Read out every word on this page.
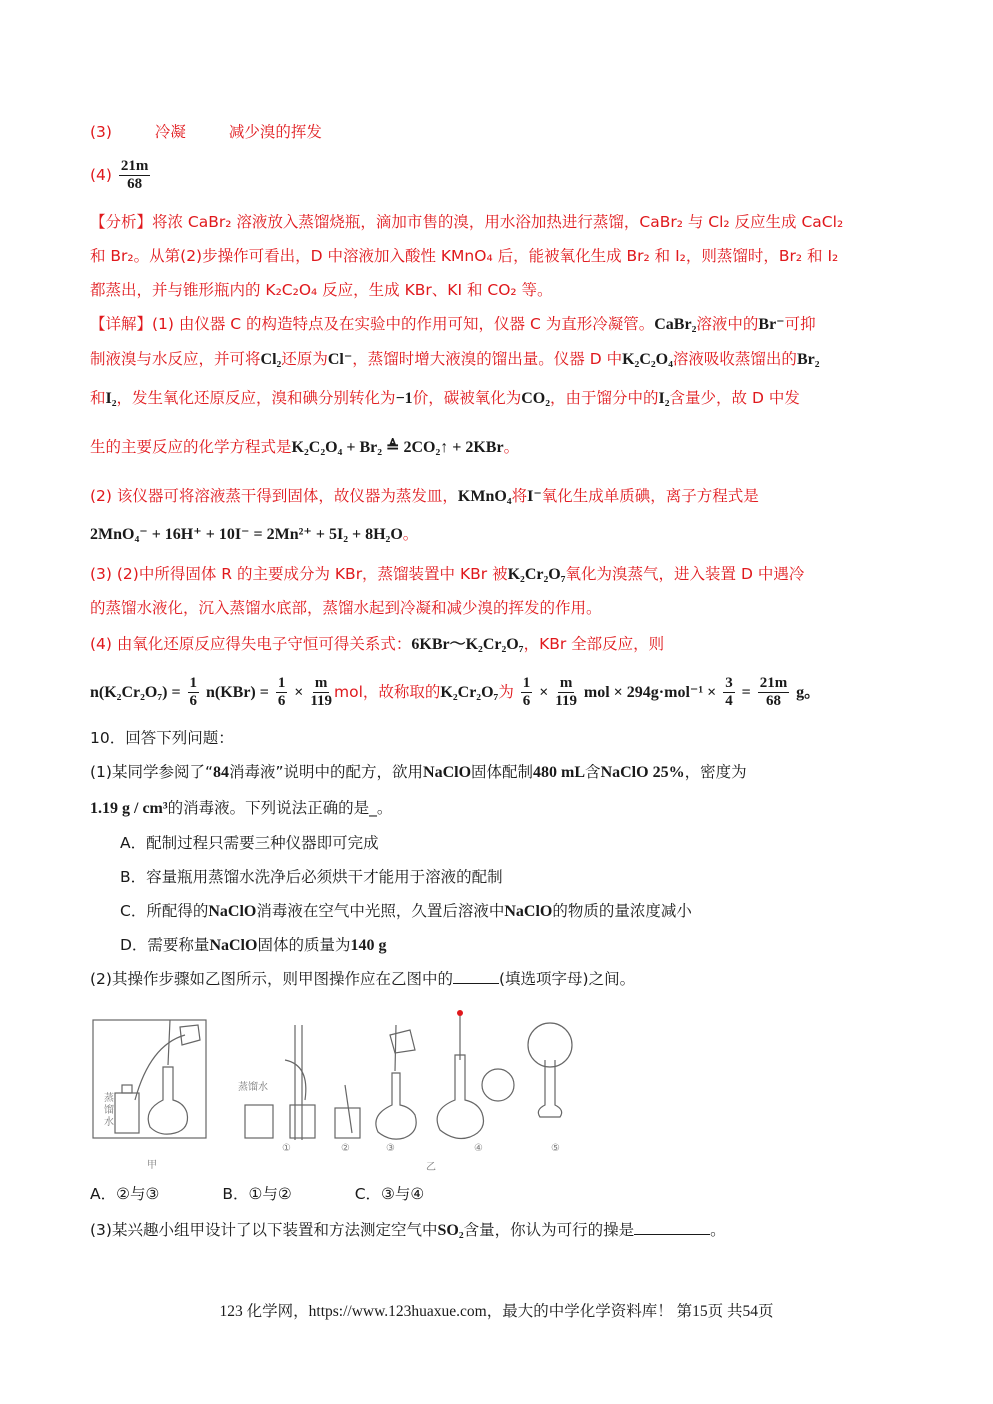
(3)	冷凝	减少溴的挥发
$(4) \frac{21m}{68}$
【分析】将浓 CaBr₂ 溶液放入蒸馏烧瓶，滴加市售的溴，用水浴加热进行蒸馏，CaBr₂ 与 Cl₂ 反应生成 CaCl₂
和 Br₂。从第(2)步操作可看出，D 中溶液加入酸性 KMnO₄ 后，能被氧化生成 Br₂ 和 I₂，则蒸馏时，Br₂ 和 I₂
都蒸出，并与锥形瓶内的 K₂C₂O₄ 反应，生成 KBr、KI 和 CO₂ 等。
【详解】(1) 由仪器 C 的构造特点及在实验中的作用可知，仪器 C 为直形冷凝管。CaBr₂溶液中的Br⁻可抑
制液溴与水反应，并可将Cl₂还原为Cl⁻，蒸馏时增大液溴的馏出量。仪器 D 中K₂C₂O₄溶液吸收蒸馏出的Br₂
和I₂，发生氧化还原反应，溴和碘分别转化为−1价，碳被氧化为CO₂，由于馏分中的I₂含量少，故 D 中发
生的主要反应的化学方程式是K₂C₂O₄ + Br₂ ≜ 2CO₂↑ + 2KBr。
(2) 该仪器可将溶液蒸干得到固体，故仪器为蒸发皿，KMnO₄将I⁻氧化生成单质碘，离子方程式是
2MnO₄⁻ + 16H⁺ + 10I⁻ = 2Mn²⁺ + 5I₂ + 8H₂O。
(3) (2)中所得固体 R 的主要成分为 KBr，蒸馏装置中 KBr 被K₂Cr₂O₇氧化为溴蒸气，进入装置 D 中遇冷
的蒸馏水液化，沉入蒸馏水底部，蒸馏水起到冷凝和减少溴的挥发的作用。
(4) 由氧化还原反应得失电子守恒可得关系式：6KBr～K₂Cr₂O₇，KBr 全部反应，则
$n(K_2Cr_2O_7) = \frac{1}{6} n(KBr) = \frac{1}{6} \times \frac{m}{119}$ mol，故称取的K₂Cr₂O₇为 $\frac{1}{6} \times \frac{m}{119}$ mol × $294g\cdot mol^{-1} \times \frac{3}{4} = \frac{21m}{68}$ g。
10．回答下列问题：
(1)某同学参阅了“84消毒液”说明中的配方，欲用NaClO固体配制480 mL含NaClO 25%，密度为
1.19 g / cm³的消毒液。下列说法正确的是_。
A．配制过程只需要三种仪器即可完成
B．容量瓶用蒸馏水洗净后必须烘干才能用于溶液的配制
C．所配得的NaClO消毒液在空气中光照，久置后溶液中NaClO的物质的量浓度减小
D．需要称量NaClO固体的质量为140 g
(2)其操作步骤如乙图所示，则甲图操作应在乙图中的	(填选项字母)之间。
蒸
馏
水
蒸馏水
甲	乙
①	②	③	④	⑤
A．②与③	B．①与②	C．③与④
(3)某兴趣小组甲设计了以下装置和方法测定空气中SO₂含量，你认为可行的操是	。
123 化学网，https://www.123huaxue.com，最大的中学化学资料库！ 第15页 共54页
